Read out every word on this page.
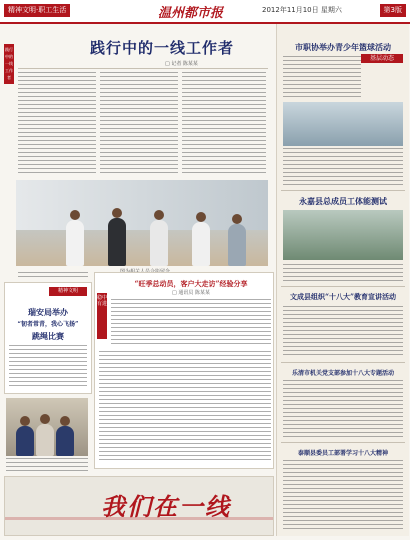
精神文明·职工生活	温州都市报	2012年11月10日 星期六	第3版
践行中的一线工作者
践行中的一线工作者
□ 记者 陈某某
基层动态
市职协举办青少年篮球活动
永嘉县总成员工体能测试
文成县组织“十八大”教育宣讲活动
乐清市机关党支部参加十八大专题活动
泰顺县委员工部署学习十八大精神
精神文明
瑞安局举办
“韧者常青，我心飞扬”
跳绳比赛
“旺季总动员，客户大走访”经验分享
□ 通讯员 陈某某
稳中有进
我们在一线
